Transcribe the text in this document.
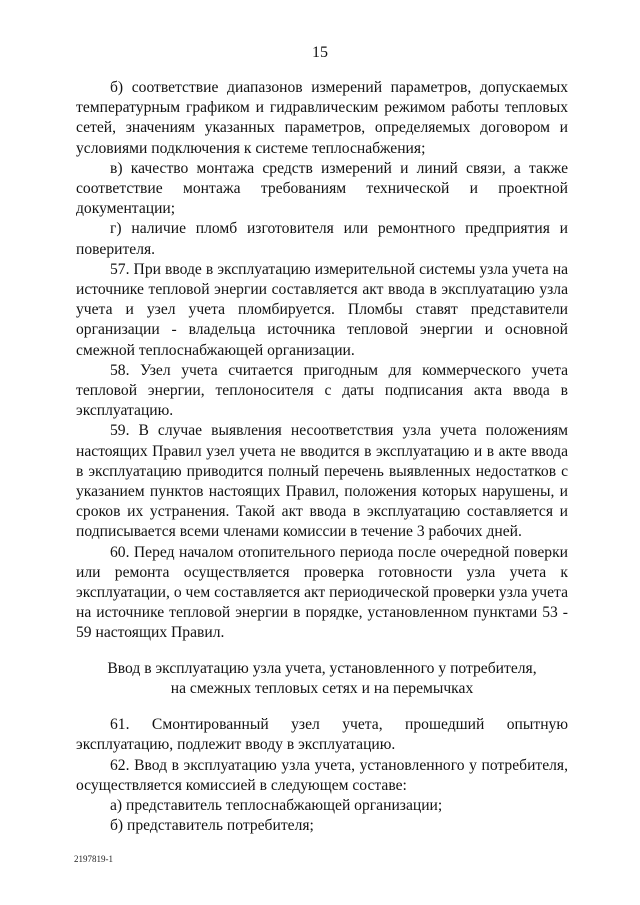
15

б) соответствие диапазонов измерений параметров, допускаемых температурным графиком и гидравлическим режимом работы тепловых сетей, значениям указанных параметров, определяемых договором и условиями подключения к системе теплоснабжения;

в) качество монтажа средств измерений и линий связи, а также соответствие монтажа требованиям технической и проектной документации;

г) наличие пломб изготовителя или ремонтного предприятия и поверителя.

57. При вводе в эксплуатацию измерительной системы узла учета на источнике тепловой энергии составляется акт ввода в эксплуатацию узла учета и узел учета пломбируется. Пломбы ставят представители организации - владельца источника тепловой энергии и основной смежной теплоснабжающей организации.

58. Узел учета считается пригодным для коммерческого учета тепловой энергии, теплоносителя с даты подписания акта ввода в эксплуатацию.

59. В случае выявления несоответствия узла учета положениям настоящих Правил узел учета не вводится в эксплуатацию и в акте ввода в эксплуатацию приводится полный перечень выявленных недостатков с указанием пунктов настоящих Правил, положения которых нарушены, и сроков их устранения. Такой акт ввода в эксплуатацию составляется и подписывается всеми членами комиссии в течение 3 рабочих дней.

60. Перед началом отопительного периода после очередной поверки или ремонта осуществляется проверка готовности узла учета к эксплуатации, о чем составляется акт периодической проверки узла учета на источнике тепловой энергии в порядке, установленном пунктами 53 - 59 настоящих Правил.

Ввод в эксплуатацию узла учета, установленного у потребителя,
на смежных тепловых сетях и на перемычках

61. Смонтированный узел учета, прошедший опытную эксплуатацию, подлежит вводу в эксплуатацию.

62. Ввод в эксплуатацию узла учета, установленного у потребителя, осуществляется комиссией в следующем составе:

а) представитель теплоснабжающей организации;

б) представитель потребителя;

2197819-1
